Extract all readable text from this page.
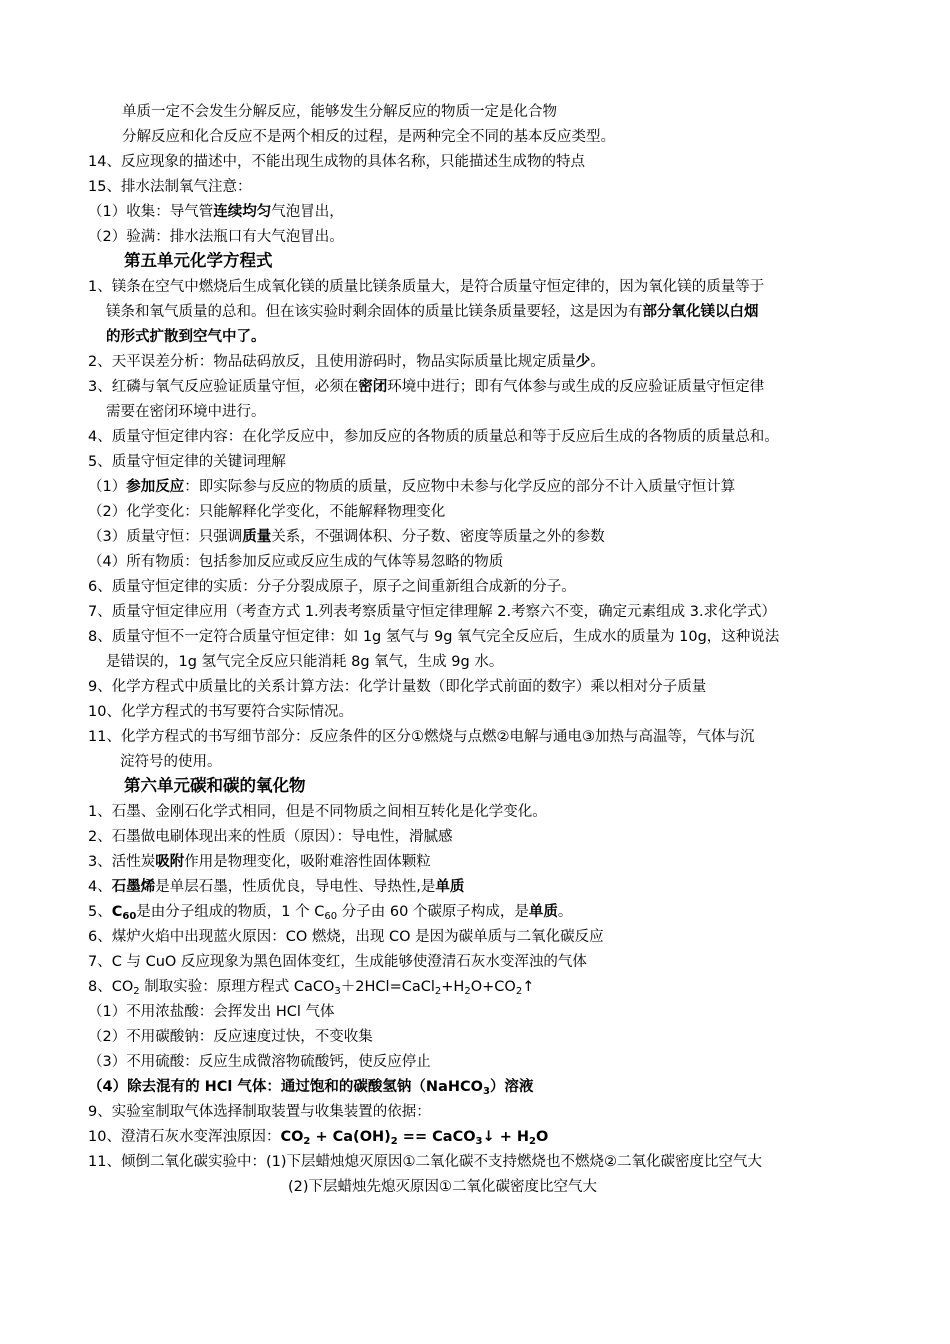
单质一定不会发生分解反应，能够发生分解反应的物质一定是化合物
分解反应和化合反应不是两个相反的过程，是两种完全不同的基本反应类型。
14、反应现象的描述中，不能出现生成物的具体名称，只能描述生成物的特点
15、排水法制氧气注意：
（1）收集：导气管连续均匀气泡冒出，
（2）验满：排水法瓶口有大气泡冒出。
第五单元化学方程式
1、镁条在空气中燃烧后生成氧化镁的质量比镁条质量大，是符合质量守恒定律的，因为氧化镁的质量等于
镁条和氧气质量的总和。但在该实验时剩余固体的质量比镁条质量要轻，这是因为有部分氧化镁以白烟
的形式扩散到空气中了。
2、天平误差分析：物品砝码放反，且使用游码时，物品实际质量比规定质量少。
3、红磷与氧气反应验证质量守恒，必须在密闭环境中进行；即有气体参与或生成的反应验证质量守恒定律
需要在密闭环境中进行。
4、质量守恒定律内容：在化学反应中，参加反应的各物质的质量总和等于反应后生成的各物质的质量总和。
5、质量守恒定律的关键词理解
（1）参加反应：即实际参与反应的物质的质量，反应物中未参与化学反应的部分不计入质量守恒计算
（2）化学变化：只能解释化学变化，不能解释物理变化
（3）质量守恒：只强调质量关系，不强调体积、分子数、密度等质量之外的参数
（4）所有物质：包括参加反应或反应生成的气体等易忽略的物质
6、质量守恒定律的实质：分子分裂成原子，原子之间重新组合成新的分子。
7、质量守恒定律应用（考查方式 1.列表考察质量守恒定律理解 2.考察六不变，确定元素组成 3.求化学式）
8、质量守恒不一定符合质量守恒定律：如 1g 氢气与 9g 氧气完全反应后，生成水的质量为 10g，这种说法
是错误的，1g 氢气完全反应只能消耗 8g 氧气，生成 9g 水。
9、化学方程式中质量比的关系计算方法：化学计量数（即化学式前面的数字）乘以相对分子质量
10、化学方程式的书写要符合实际情况。
11、化学方程式的书写细节部分：反应条件的区分①燃烧与点燃②电解与通电③加热与高温等，气体与沉
淀符号的使用。
第六单元碳和碳的氧化物
1、石墨、金刚石化学式相同，但是不同物质之间相互转化是化学变化。
2、石墨做电刷体现出来的性质（原因）：导电性，滑腻感
3、活性炭吸附作用是物理变化，吸附难溶性固体颗粒
4、石墨烯是单层石墨，性质优良，导电性、导热性,是单质
5、$C_{60}$是由分子组成的物质，1 个 $C_{60}$ 分子由 60 个碳原子构成，是单质。
6、煤炉火焰中出现蓝火原因：CO 燃烧，出现 CO 是因为碳单质与二氧化碳反应
7、C 与 CuO 反应现象为黑色固体变红，生成能够使澄清石灰水变浑浊的气体
8、$CO_2$ 制取实验：原理方程式 $CaCO_3+2HCl=CaCl_2+H_2O+CO_2↑$
（1）不用浓盐酸：会挥发出 HCl 气体
（2）不用碳酸钠：反应速度过快，不变收集
（3）不用硫酸：反应生成微溶物硫酸钙，使反应停止
（4）除去混有的 HCl 气体：通过饱和的碳酸氢钠（NaHCO$_3$）溶液
9、实验室制取气体选择制取装置与收集装置的依据：
10、澄清石灰水变浑浊原因：$CO_2 + Ca(OH)_2$ == CaCO$_3$↓ + $H_2O$
11、倾倒二氧化碳实验中：(1)下层蜡烛熄灭原因①二氧化碳不支持燃烧也不燃烧②二氧化碳密度比空气大
(2)下层蜡烛先熄灭原因①二氧化碳密度比空气大
